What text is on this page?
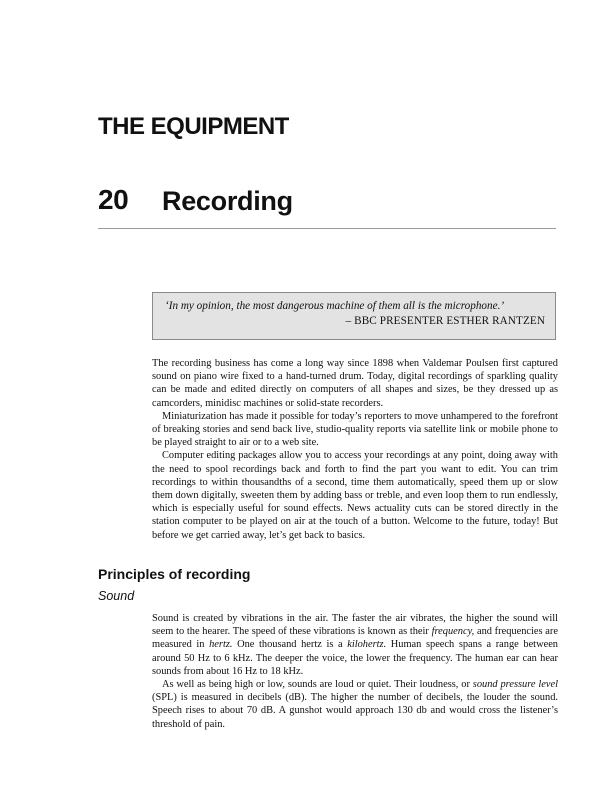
THE EQUIPMENT
20 Recording
‘In my opinion, the most dangerous machine of them all is the microphone.’
– BBC PRESENTER ESTHER RANTZEN

The recording business has come a long way since 1898 when Valdemar Poulsen first captured sound on piano wire fixed to a hand-turned drum. Today, digital recordings of sparkling quality can be made and edited directly on computers of all shapes and sizes, be they dressed up as camcorders, minidisc machines or solid-state recorders.

Miniaturization has made it possible for today’s reporters to move unhampered to the forefront of breaking stories and send back live, studio-quality reports via satellite link or mobile phone to be played straight to air or to a web site.

Computer editing packages allow you to access your recordings at any point, doing away with the need to spool recordings back and forth to find the part you want to edit. You can trim recordings to within thousandths of a second, time them automatically, speed them up or slow them down digitally, sweeten them by adding bass or treble, and even loop them to run endlessly, which is especially useful for sound effects. News actuality cuts can be stored directly in the station computer to be played on air at the touch of a button. Welcome to the future, today! But before we get carried away, let’s get back to basics.

Principles of recording
Sound

Sound is created by vibrations in the air. The faster the air vibrates, the higher the sound will seem to the hearer. The speed of these vibrations is known as their frequency, and frequencies are measured in hertz. One thousand hertz is a kilohertz. Human speech spans a range between around 50 Hz to 6 kHz. The deeper the voice, the lower the frequency. The human ear can hear sounds from about 16 Hz to 18 kHz.

As well as being high or low, sounds are loud or quiet. Their loudness, or sound pressure level (SPL) is measured in decibels (dB). The higher the number of decibels, the louder the sound. Speech rises to about 70 dB. A gunshot would approach 130 db and would cross the listener’s threshold of pain.
